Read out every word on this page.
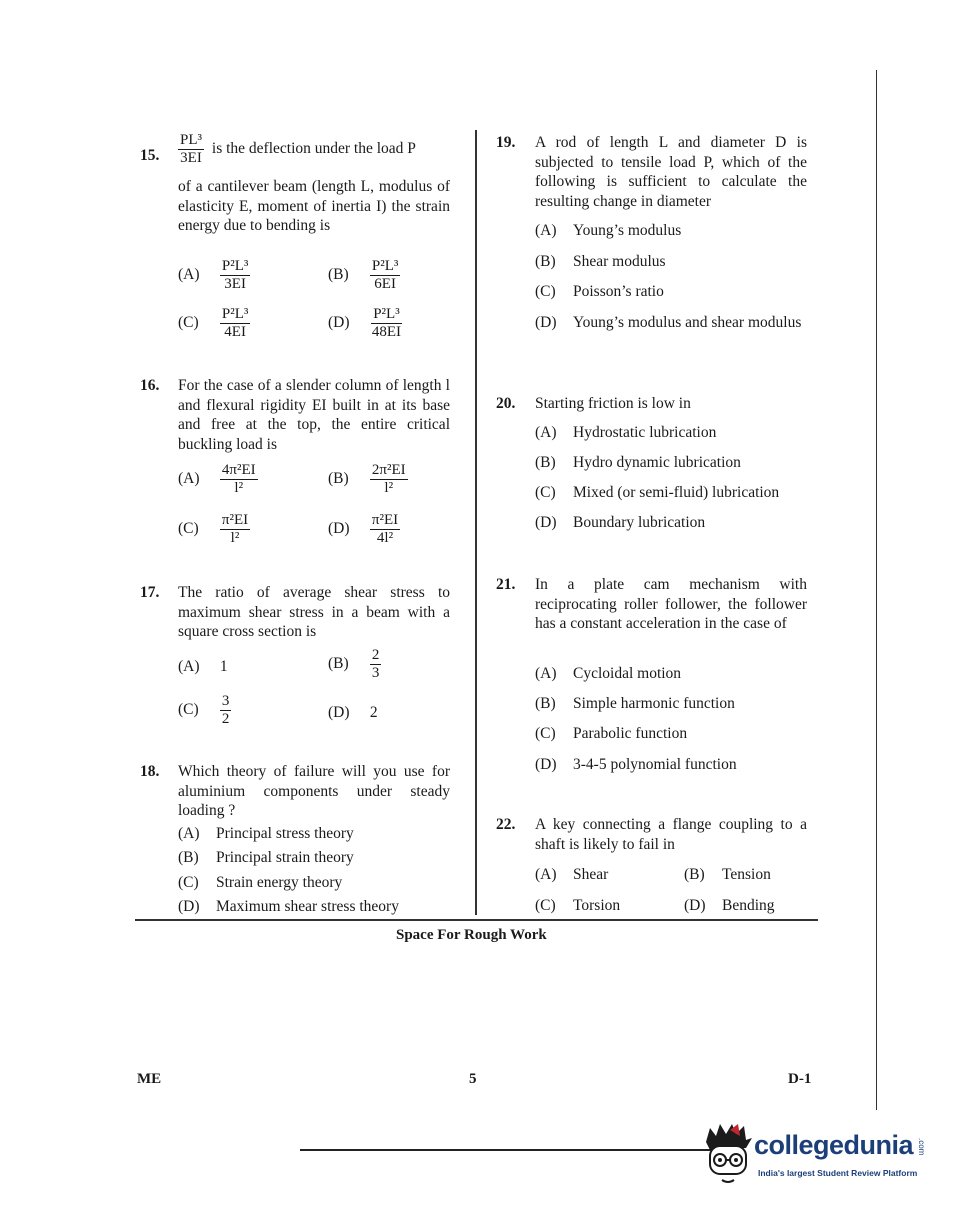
15. $\frac{\text{PL³}}{3EI}$ is the deflection under the load P
of a cantilever beam (length L, modulus of elasticity E, moment of inertia I) the strain energy due to bending is
$(A) \frac{\text{P²L³}}{3EI}$	$(B) \frac{\text{P²L³}}{6EI}$
$(C) \frac{\text{P²L³}}{4EI}$	$(D) \frac{\text{P²L³}}{48EI}$
16. For the case of a slender column of length l and flexural rigidity EI built in at its base and free at the top, the entire critical buckling load is
$(A) \frac{\text{4π²EI}}{\text{l²}}$	$(B) \frac{\text{2π²EI}}{\text{l²}}$
$(C) \frac{\text{π²EI}}{\text{l²}}$	$(D) \frac{\text{π²EI}}{\text{4l²}}$
17. The ratio of average shear stress to maximum shear stress in a beam with a square cross section is
(A) 1	$(B) \frac{2}{3}$
$(C) \frac{3}{2}$	(D) 2
18. Which theory of failure will you use for aluminium components under steady loading ?
(A) Principal stress theory
(B) Principal strain theory
(C) Strain energy theory
(D) Maximum shear stress theory
19. A rod of length L and diameter D is subjected to tensile load P, which of the following is sufficient to calculate the resulting change in diameter
(A) Young’s modulus
(B) Shear modulus
(C) Poisson’s ratio
(D)	Young’s modulus and shear modulus
20. Starting friction is low in
(A) Hydrostatic lubrication
(B) Hydro dynamic lubrication
(C) Mixed (or semi-fluid) lubrication
(D) Boundary lubrication
21. In a plate cam mechanism with reciprocating roller follower, the follower has a constant acceleration in the case of
(A) Cycloidal motion
(B) Simple harmonic function
(C) Parabolic function
(D) 3-4-5 polynomial function
22. A key connecting a flange coupling to a shaft is likely to fail in
(A) Shear	(B) Tension
(C) Torsion	(D) Bending
Space For Rough Work
ME	5	D-1
collegedunia .com
India's largest Student Review Platform
